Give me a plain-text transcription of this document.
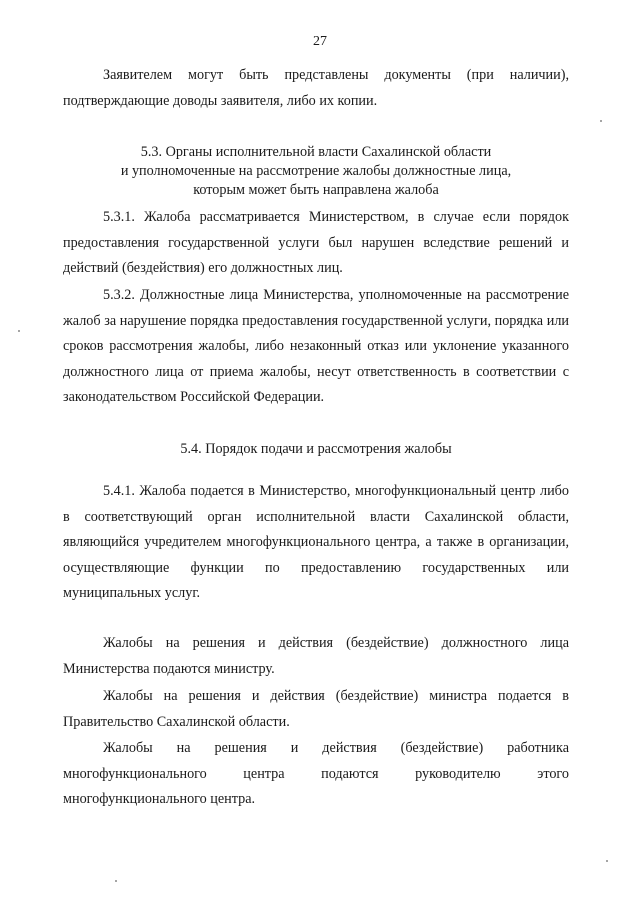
27

Заявителем могут быть представлены документы (при наличии), подтверждающие доводы заявителя, либо их копии.

5.3. Органы исполнительной власти Сахалинской области
и уполномоченные на рассмотрение жалобы должностные лица,
которым может быть направлена жалоба

5.3.1. Жалоба рассматривается Министерством, в случае если порядок предоставления государственной услуги был нарушен вследствие решений и действий (бездействия) его должностных лиц.

5.3.2. Должностные лица Министерства, уполномоченные на рассмотрение жалоб за нарушение порядка предоставления государственной услуги, порядка или сроков рассмотрения жалобы, либо незаконный отказ или уклонение указанного должностного лица от приема жалобы, несут ответственность в соответствии с законодательством Российской Федерации.

5.4. Порядок подачи и рассмотрения жалобы

5.4.1. Жалоба подается в Министерство, многофункциональный центр либо в соответствующий орган исполнительной власти Сахалинской области, являющийся учредителем многофункционального центра, а также в организации, осуществляющие функции по предоставлению государственных или муниципальных услуг.

Жалобы на решения и действия (бездействие) должностного лица Министерства подаются министру.

Жалобы на решения и действия (бездействие) министра подается в Правительство Сахалинской области.

Жалобы на решения и действия (бездействие) работника многофункционального центра подаются руководителю этого многофункционального центра.
